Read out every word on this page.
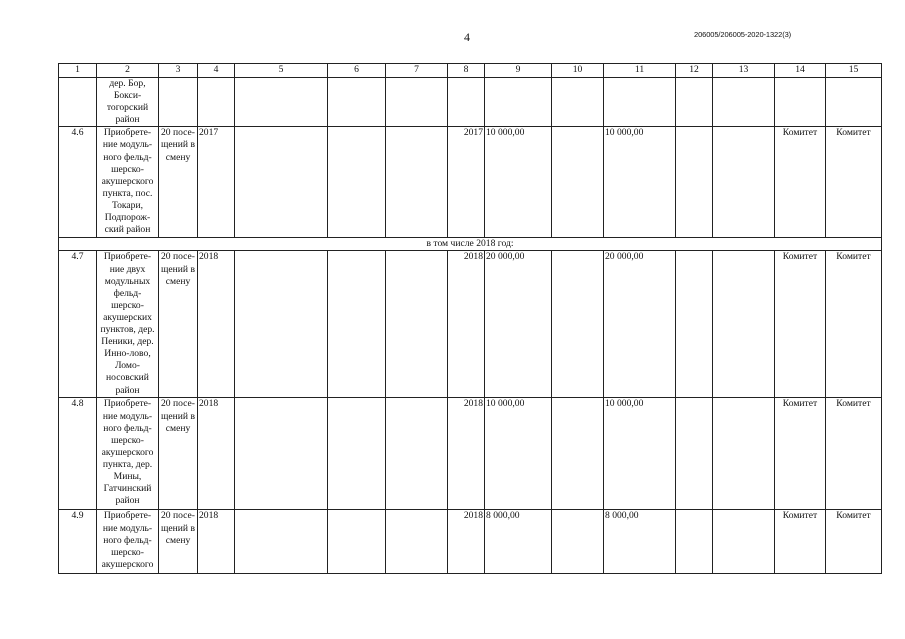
4	206005/206005-2020-1322(3)
1	2	3	4	5	6	7	8	9	10	11	12	13	14	15
	дер. Бор, Бокси-тогорский район													
4.6	Приобрете-ние модуль-ного фельд-шерско-акушерского пункта, пос. Токари, Подпорож-ский район	20 посе-щений в смену	2017				2017	10 000,00		10 000,00			Комитет	Комитет
в том числе 2018 год:														
4.7	Приобрете-ние двух модульных фельд-шерско-акушерских пунктов, дер. Пеники, дер. Инно-лово, Ломо-носовский район	20 посе-щений в смену	2018				2018	20 000,00		20 000,00			Комитет	Комитет
4.8	Приобрете-ние модуль-ного фельд-шерско-акушерского пункта, дер. Мины, Гатчинский район	20 посе-щений в смену	2018				2018	10 000,00		10 000,00			Комитет	Комитет
4.9	Приобрете-ние модуль-ного фельд-шерско-акушерского	20 посе-щений в смену	2018				2018	8 000,00		8 000,00			Комитет	Комитет
